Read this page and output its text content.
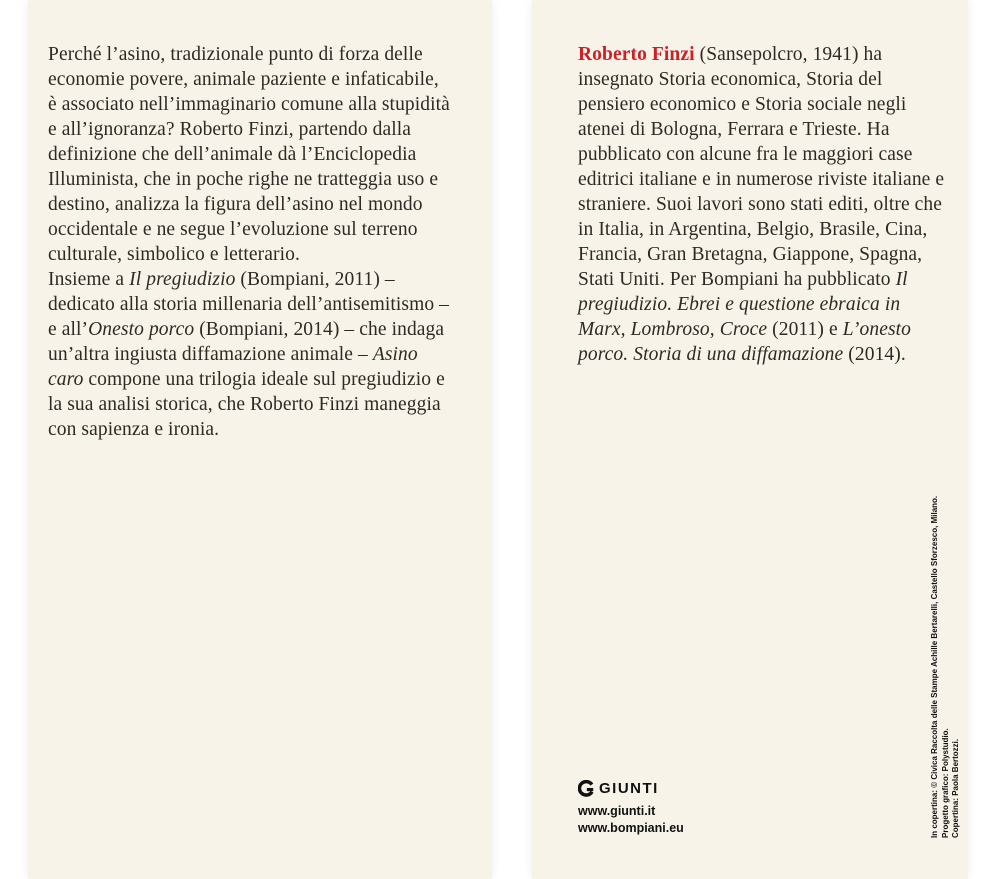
Perché l’asino, tradizionale punto di forza delle economie povere, animale paziente e infaticabile, è associato nell’immaginario comune alla stupidità e all’ignoranza? Roberto Finzi, partendo dalla definizione che dell’animale dà l’Enciclopedia Illuminista, che in poche righe ne tratteggia uso e destino, analizza la figura dell’asino nel mondo occidentale e ne segue l’evoluzione sul terreno culturale, simbolico e letterario.

Insieme a Il pregiudizio (Bompiani, 2011) – dedicato alla storia millenaria dell’antisemitismo – e all’Onesto porco (Bompiani, 2014) – che indaga un’altra ingiusta diffamazione animale – Asino caro compone una trilogia ideale sul pregiudizio e la sua analisi storica, che Roberto Finzi maneggia con sapienza e ironia.

Roberto Finzi (Sansepolcro, 1941) ha insegnato Storia economica, Storia del pensiero economico e Storia sociale negli atenei di Bologna, Ferrara e Trieste. Ha pubblicato con alcune fra le maggiori case editrici italiane e in numerose riviste italiane e straniere. Suoi lavori sono stati editi, oltre che in Italia, in Argentina, Belgio, Brasile, Cina, Francia, Gran Bretagna, Giappone, Spagna, Stati Uniti. Per Bompiani ha pubblicato Il pregiudizio. Ebrei e questione ebraica in Marx, Lombroso, Croce (2011) e L’onesto porco. Storia di una diffamazione (2014).
GIUNTI
www.giunti.it
www.bompiani.eu	In copertina: © Civica Raccolta delle Stampe Achille Bertarelli, Castello Sforzesco, Milano. Progetto grafico: Polystudio. Copertina: Paola Bertozzi.
